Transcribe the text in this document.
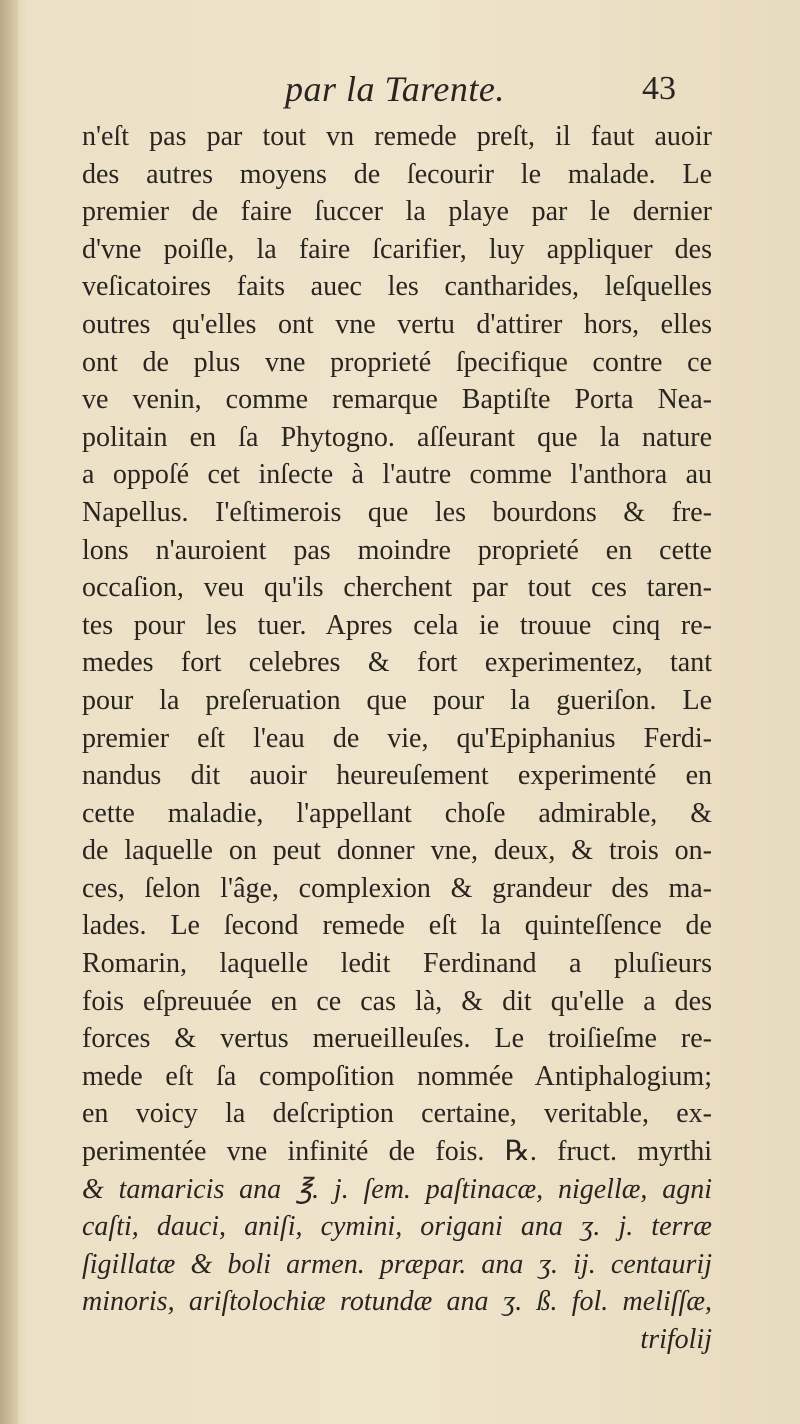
par la Tarente.	43
n'eſt pas par tout vn remede preſt, il faut auoir
des autres moyens de ſecourir le malade. Le
premier de faire ſuccer la playe par le dernier
d'vne poiſle, la faire ſcarifier, luy appliquer des
veſicatoires faits auec les cantharides, leſquelles
outres qu'elles ont vne vertu d'attirer hors, elles
ont de plus vne proprieté ſpecifique contre ce
ve venin, comme remarque Baptiſte Porta Nea-
politain en ſa Phytogno. aſſeurant que la nature
a oppoſé cet inſecte à l'autre comme l'anthora au
Napellus. I'eſtimerois que les bourdons & fre-
lons n'auroient pas moindre proprieté en cette
occaſion, veu qu'ils cherchent par tout ces taren-
tes pour les tuer. Apres cela ie trouue cinq re-
medes fort celebres & fort experimentez, tant
pour la preſeruation que pour la gueriſon. Le
premier eſt l'eau de vie, qu'Epiphanius Ferdi-
nandus dit auoir heureuſement experimenté en
cette maladie, l'appellant choſe admirable, &
de laquelle on peut donner vne, deux, & trois on-
ces, ſelon l'âge, complexion & grandeur des ma-
lades. Le ſecond remede eſt la quinteſſence de
Romarin, laquelle ledit Ferdinand a pluſieurs
fois eſpreuuée en ce cas là, & dit qu'elle a des
forces & vertus merueilleuſes. Le troiſieſme re-
mede eſt ſa compoſition nommée Antiphalogium;
en voicy la deſcription certaine, veritable, ex-
perimentée vne infinité de fois. ℞. fruct. myrthi
& tamaricis ana ℥. j. ſem. paſtinacæ, nigellæ, agni
caſti, dauci, aniſi, cymini, origani ana ʒ. j. terræ
ſigillatæ & boli armen. præpar. ana ʒ. ij. centaurij
minoris, ariſtolochiæ rotundæ ana ʒ. ß. fol. meliſſæ,
trifolij
